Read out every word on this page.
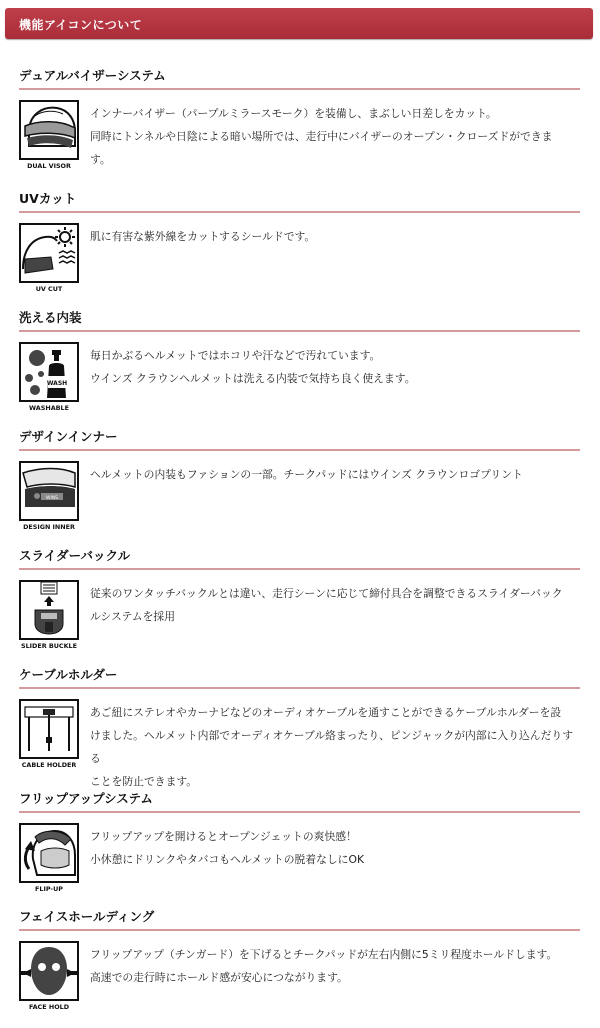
機能アイコンについて
デュアルバイザーシステム
DUAL VISOR

インナーバイザー（パープルミラースモーク）を装備し、まぶしい日差しをカット。

同時にトンネルや日陰による暗い場所では、走行中にバイザーのオープン・クローズドができま

す。

UVカット
UV CUT

肌に有害な紫外線をカットするシールドです。

洗える内装
WASH
WASHABLE

毎日かぶるヘルメットではホコリや汗などで汚れています。

ウインズ クラウンヘルメットは洗える内装で気持ち良く使えます。

デザインインナー
WINS
DESIGN INNER

ヘルメットの内装もファションの一部。チークパッドにはウインズ クラウンロゴプリント

スライダーバックル
SLIDER BUCKLE

従来のワンタッチバックルとは違い、走行シーンに応じて締付具合を調整できるスライダーバック

ルシステムを採用

ケーブルホルダー
CABLE HOLDER

あご紐にステレオやカーナビなどのオーディオケーブルを通すことができるケーブルホルダーを設

けました。ヘルメット内部でオーディオケーブル絡まったり、ピンジャックが内部に入り込んだりする

ことを防止できます。

フリップアップシステム
FLIP-UP

フリップアップを開けるとオープンジェットの爽快感！

小休憩にドリンクやタバコもヘルメットの脱着なしにOK

フェイスホールディング
FACE HOLD

フリップアップ（チンガード）を下げるとチークパッドが左右内側に5ミリ程度ホールドします。

高速での走行時にホールド感が安心につながります。
